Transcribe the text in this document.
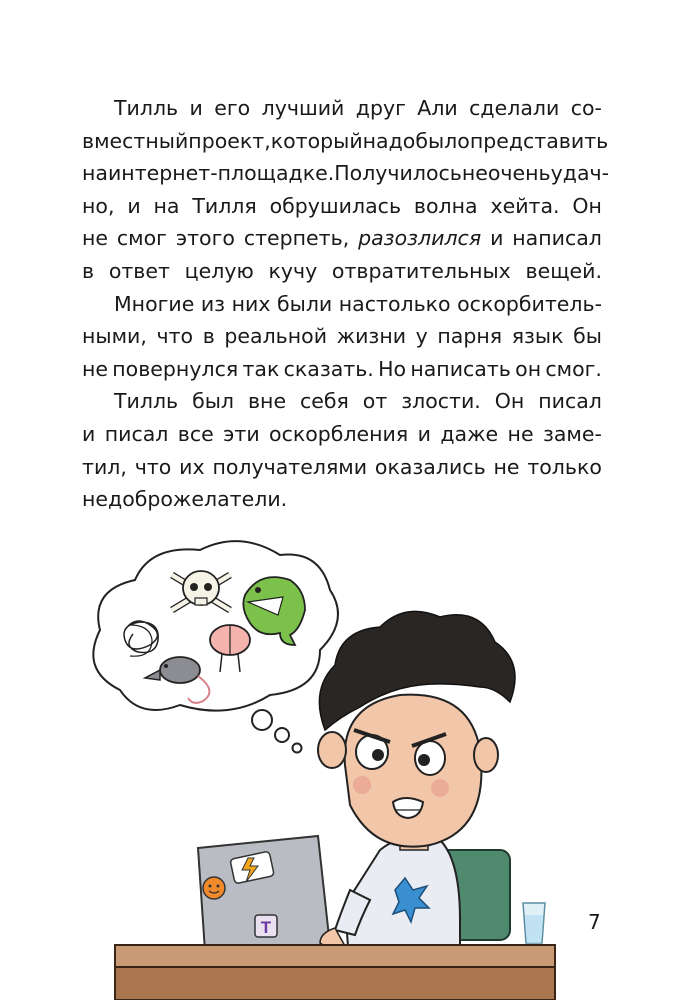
Тилль и его лучший друг Али сделали со-
вместный проект, который надо было представить
на интернет-площадке. Получилось не очень удач-
но, и на Тилля обрушилась волна хейта. Он
не смог этого стерпеть, разозлился и написал
в ответ целую кучу отвратительных вещей.
Многие из них были настолько оскорбитель-
ными, что в реальной жизни у парня язык бы
не повернулся так сказать. Но написать он смог.
Тилль был вне себя от злости. Он писал
и писал все эти оскорбления и даже не заме-
тил, что их получателями оказались не только
недоброжелатели.
T	7
